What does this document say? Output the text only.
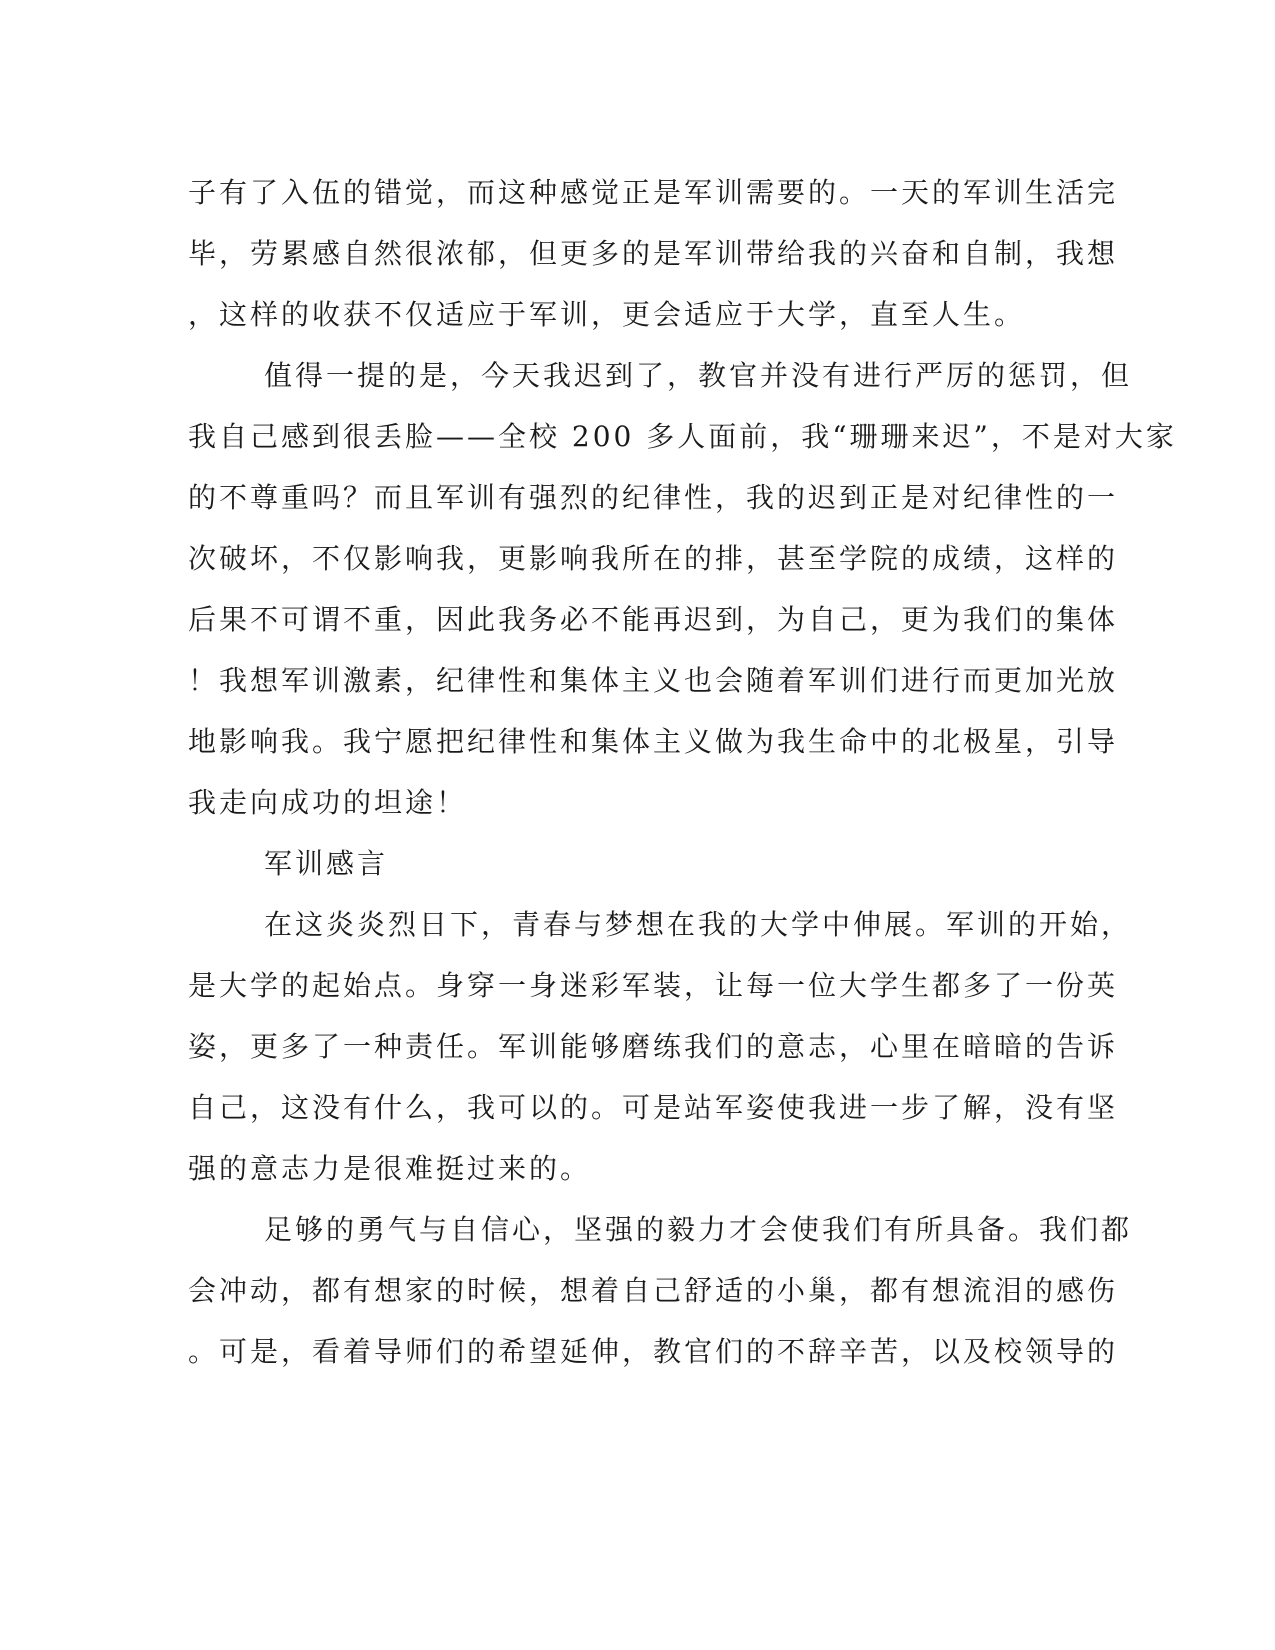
子有了入伍的错觉，而这种感觉正是军训需要的。一天的军训生活完
毕，劳累感自然很浓郁，但更多的是军训带给我的兴奋和自制，我想
，这样的收获不仅适应于军训，更会适应于大学，直至人生。
值得一提的是，今天我迟到了，教官并没有进行严厉的惩罚，但
我自己感到很丢脸——全校 200 多人面前，我“珊珊来迟”，不是对大家
的不尊重吗？而且军训有强烈的纪律性，我的迟到正是对纪律性的一
次破坏，不仅影响我，更影响我所在的排，甚至学院的成绩，这样的
后果不可谓不重，因此我务必不能再迟到，为自己，更为我们的集体
！我想军训激素，纪律性和集体主义也会随着军训们进行而更加光放
地影响我。我宁愿把纪律性和集体主义做为我生命中的北极星，引导
我走向成功的坦途！
军训感言
在这炎炎烈日下，青春与梦想在我的大学中伸展。军训的开始，
是大学的起始点。身穿一身迷彩军装，让每一位大学生都多了一份英
姿，更多了一种责任。军训能够磨练我们的意志，心里在暗暗的告诉
自己，这没有什么，我可以的。可是站军姿使我进一步了解，没有坚
强的意志力是很难挺过来的。
足够的勇气与自信心，坚强的毅力才会使我们有所具备。我们都
会冲动，都有想家的时候，想着自己舒适的小巢，都有想流泪的感伤
。可是，看着导师们的希望延伸，教官们的不辞辛苦，以及校领导的
